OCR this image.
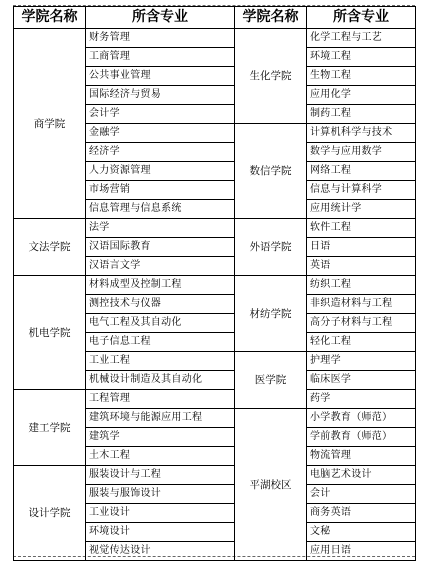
学院名称	所含专业	学院名称	所含专业
商学院	财务管理	生化学院	化学工程与工艺
	工商管理		环境工程
	公共事业管理		生物工程
	国际经济与贸易		应用化学
	会计学		制药工程
	金融学	数信学院	计算机科学与技术
	经济学		数学与应用数学
	人力资源管理		网络工程
	市场营销		信息与计算科学
	信息管理与信息系统		应用统计学
文法学院	法学	外语学院	软件工程
	汉语国际教育		日语
	汉语言文学		英语
机电学院	材料成型及控制工程	材纺学院	纺织工程
	测控技术与仪器		非织造材料与工程
	电气工程及其自动化		高分子材料与工程
	电子信息工程		轻化工程
	工业工程	医学院	护理学
	机械设计制造及其自动化		临床医学
建工学院	工程管理		药学
	建筑环境与能源应用工程	平湖校区	小学教育（师范）
	建筑学		学前教育（师范）
	土木工程		物流管理
设计学院	服装设计与工程		电脑艺术设计
	服装与服饰设计		会计
	工业设计		商务英语
	环境设计		文秘
	视觉传达设计		应用日语
